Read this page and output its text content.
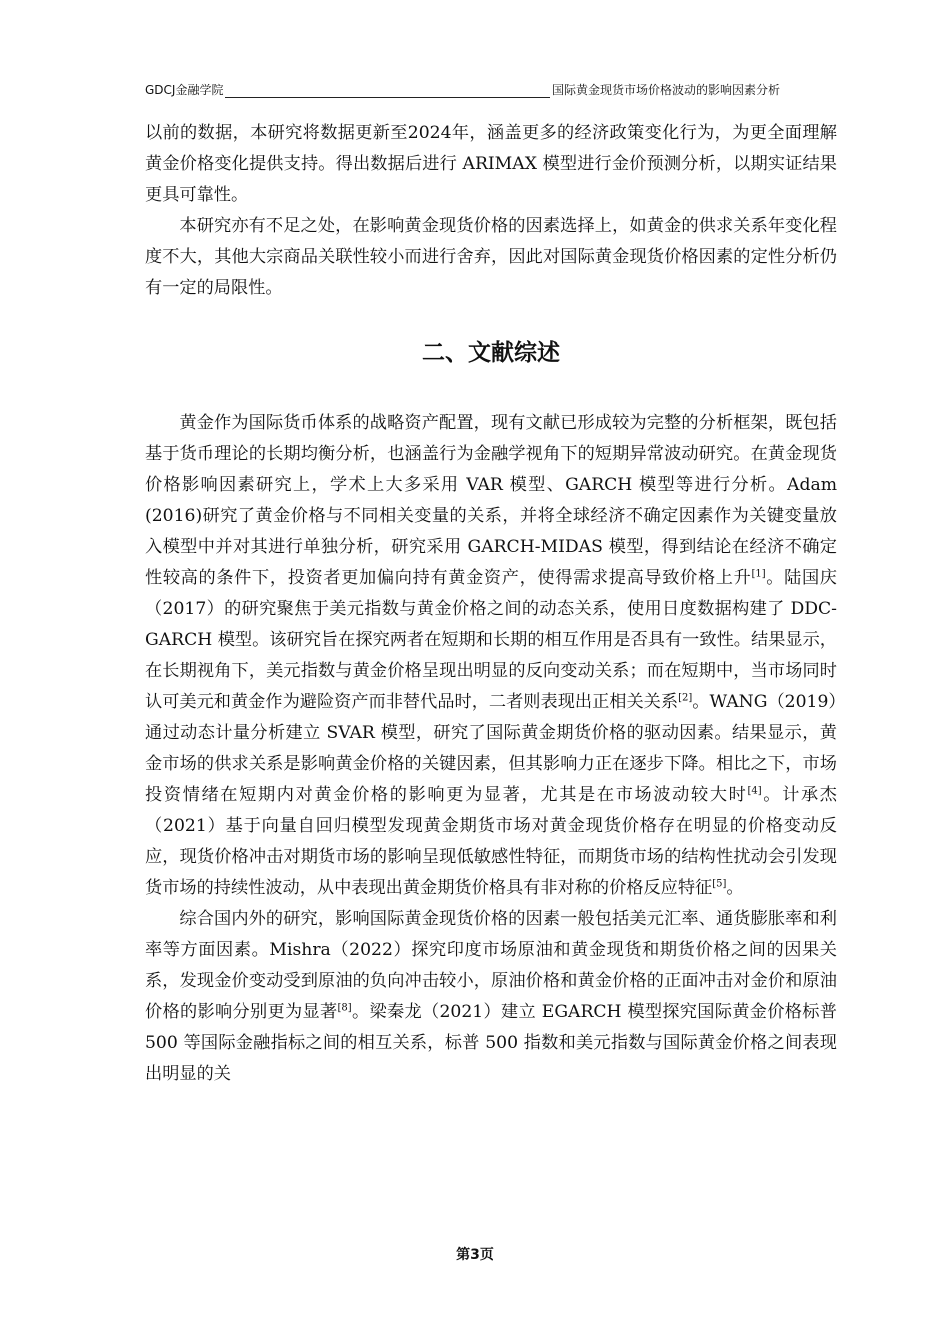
GDCJ金融学院	国际黄金现货市场价格波动的影响因素分析

以前的数据，本研究将数据更新至2024年，涵盖更多的经济政策变化行为，为更全面理解黄金价格变化提供支持。得出数据后进行 ARIMAX 模型进行金价预测分析，以期实证结果更具可靠性。

本研究亦有不足之处，在影响黄金现货价格的因素选择上，如黄金的供求关系年变化程度不大，其他大宗商品关联性较小而进行舍弃，因此对国际黄金现货价格因素的定性分析仍有一定的局限性。

二、文献综述

黄金作为国际货币体系的战略资产配置，现有文献已形成较为完整的分析框架，既包括基于货币理论的长期均衡分析，也涵盖行为金融学视角下的短期异常波动研究。在黄金现货价格影响因素研究上，学术上大多采用 VAR 模型、GARCH 模型等进行分析。Adam (2016)研究了黄金价格与不同相关变量的关系，并将全球经济不确定因素作为关键变量放入模型中并对其进行单独分析，研究采用 GARCH-MIDAS 模型，得到结论在经济不确定性较高的条件下，投资者更加偏向持有黄金资产，使得需求提高导致价格上升[1]。陆国庆（2017）的研究聚焦于美元指数与黄金价格之间的动态关系，使用日度数据构建了 DDC-GARCH 模型。该研究旨在探究两者在短期和长期的相互作用是否具有一致性。结果显示，在长期视角下，美元指数与黄金价格呈现出明显的反向变动关系；而在短期中，当市场同时认可美元和黄金作为避险资产而非替代品时，二者则表现出正相关关系[2]。WANG（2019）通过动态计量分析建立 SVAR 模型，研究了国际黄金期货价格的驱动因素。结果显示，黄金市场的供求关系是影响黄金价格的关键因素，但其影响力正在逐步下降。相比之下，市场投资情绪在短期内对黄金价格的影响更为显著，尤其是在市场波动较大时[4]。计承杰（2021）基于向量自回归模型发现黄金期货市场对黄金现货价格存在明显的价格变动反应，现货价格冲击对期货市场的影响呈现低敏感性特征，而期货市场的结构性扰动会引发现货市场的持续性波动，从中表现出黄金期货价格具有非对称的价格反应特征[5]。

综合国内外的研究，影响国际黄金现货价格的因素一般包括美元汇率、通货膨胀率和利率等方面因素。Mishra（2022）探究印度市场原油和黄金现货和期货价格之间的因果关系，发现金价变动受到原油的负向冲击较小，原油价格和黄金价格的正面冲击对金价和原油价格的影响分别更为显著[8]。梁秦龙（2021）建立 EGARCH 模型探究国际黄金价格标普 500 等国际金融指标之间的相互关系，标普 500 指数和美元指数与国际黄金价格之间表现出明显的关

第3页
